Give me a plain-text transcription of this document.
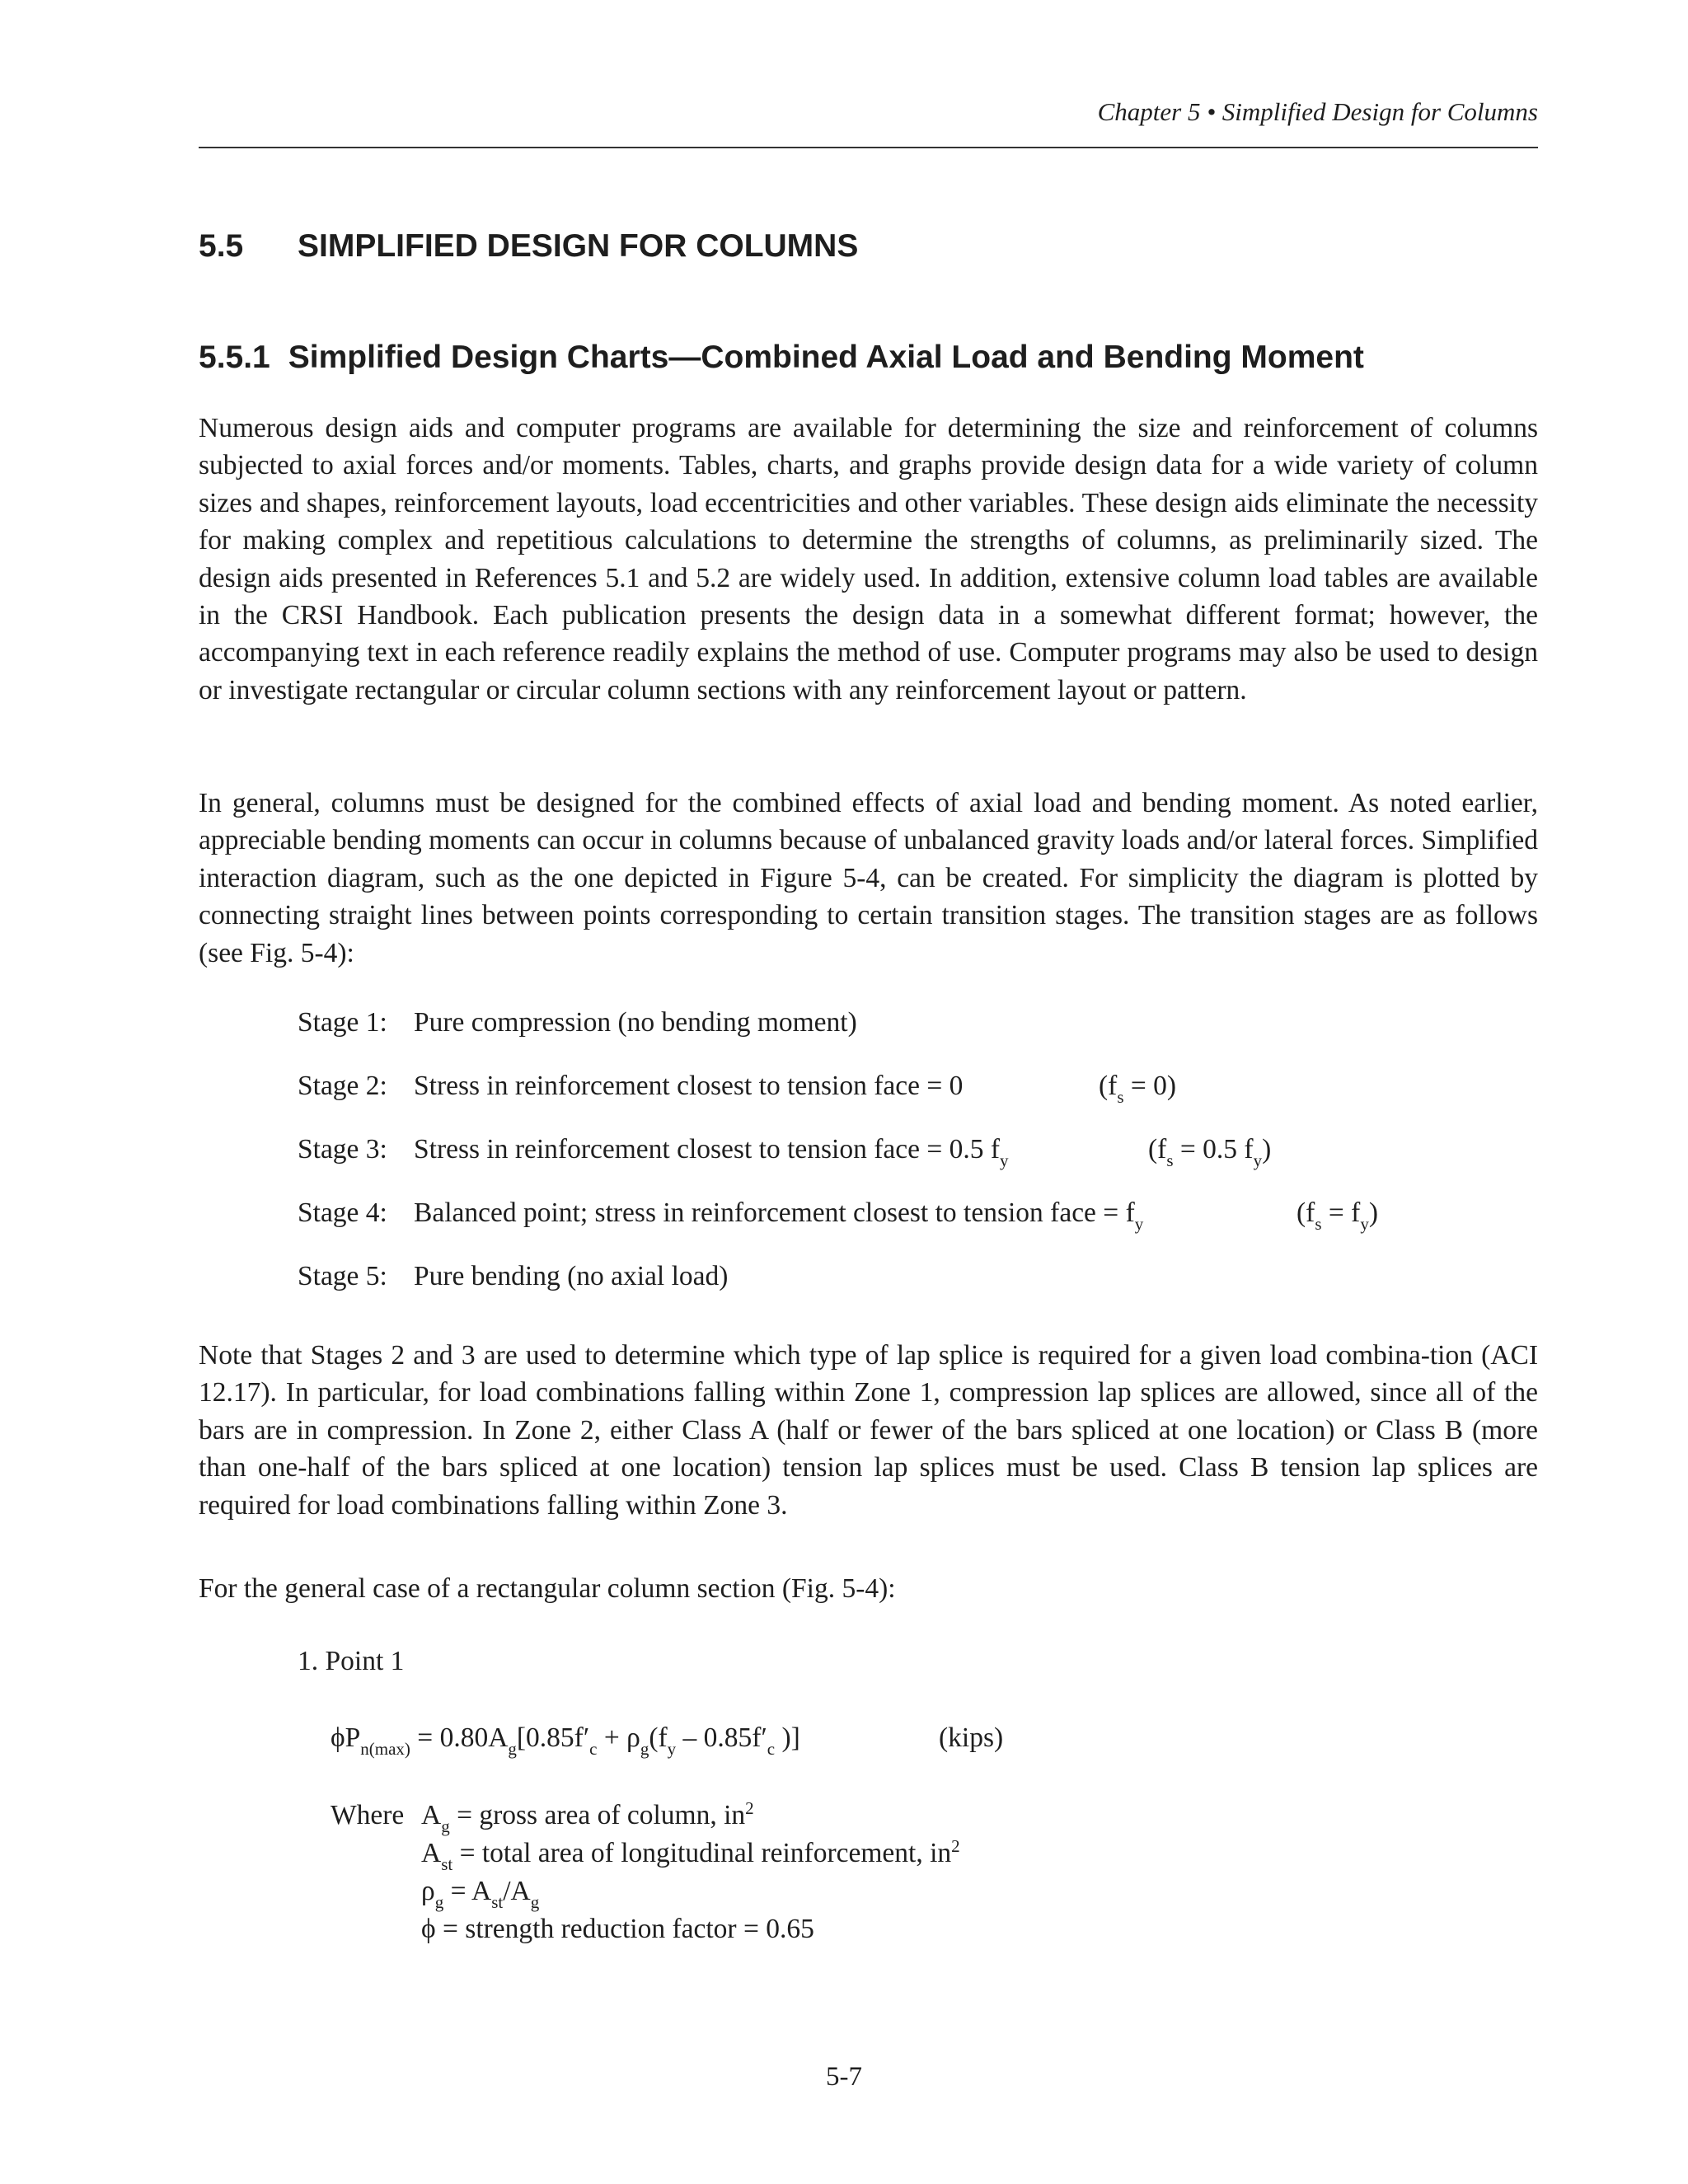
Chapter 5 • Simplified Design for Columns
5.5 SIMPLIFIED DESIGN FOR COLUMNS
5.5.1 Simplified Design Charts—Combined Axial Load and Bending Moment
Numerous design aids and computer programs are available for determining the size and reinforcement of columns subjected to axial forces and/or moments. Tables, charts, and graphs provide design data for a wide variety of column sizes and shapes, reinforcement layouts, load eccentricities and other variables. These design aids eliminate the necessity for making complex and repetitious calculations to determine the strengths of columns, as preliminarily sized. The design aids presented in References 5.1 and 5.2 are widely used. In addition, extensive column load tables are available in the CRSI Handbook. Each publication presents the design data in a somewhat different format; however, the accompanying text in each reference readily explains the method of use. Computer programs may also be used to design or investigate rectangular or circular column sections with any reinforcement layout or pattern.
In general, columns must be designed for the combined effects of axial load and bending moment. As noted earlier, appreciable bending moments can occur in columns because of unbalanced gravity loads and/or lateral forces. Simplified interaction diagram, such as the one depicted in Figure 5-4, can be created. For simplicity the diagram is plotted by connecting straight lines between points corresponding to certain transition stages. The transition stages are as follows (see Fig. 5-4):
Stage 1: Pure compression (no bending moment)
Stage 2: Stress in reinforcement closest to tension face = 0	$(f_s = 0)$
Stage 3: Stress in reinforcement closest to tension face = 0.5 $f_y$	($f_s = 0.5$ $f_y$)
Stage 4: Balanced point; stress in reinforcement closest to tension face = $f_y$	$(f_s = f_y)$
Stage 5: Pure bending (no axial load)
Note that Stages 2 and 3 are used to determine which type of lap splice is required for a given load combina-tion (ACI 12.17). In particular, for load combinations falling within Zone 1, compression lap splices are allowed, since all of the bars are in compression. In Zone 2, either Class A (half or fewer of the bars spliced at one location) or Class B (more than one-half of the bars spliced at one location) tension lap splices must be used. Class B tension lap splices are required for load combinations falling within Zone 3.
For the general case of a rectangular column section (Fig. 5-4):
1. Point 1
$\phi P_{n(max)} = 0.80A_g[0.85f'_c + \rho_g(f_y - 0.85f'_c$ )]	(kips)
Where $A_g$ = gross area of column, $in^2$
$A_{st}$ = total area of longitudinal reinforcement, $in^2$
$\rho_g = A_{st}/A_g$
ϕ = strength reduction factor = 0.65
5-7
